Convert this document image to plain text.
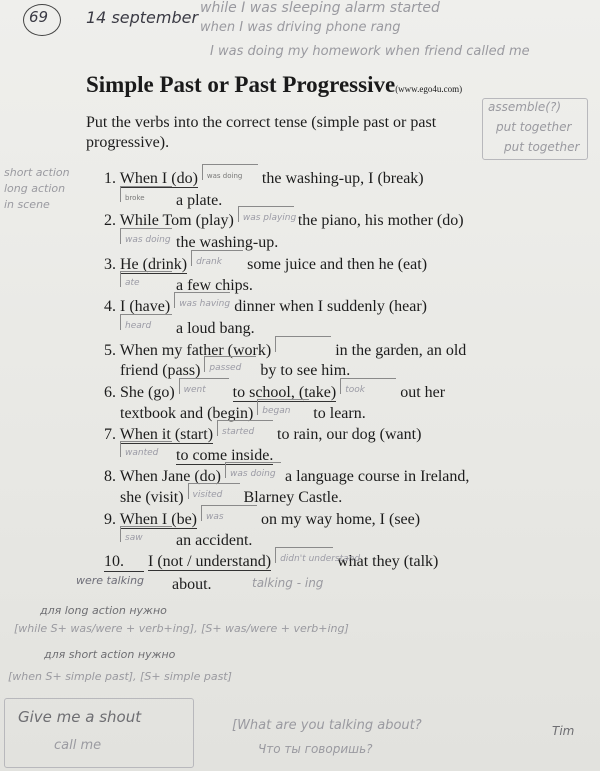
69 14 september while I was sleeping alarm started
when I was driving phone rang
I was doing my homework when friend called me
Simple Past or Past Progressive(www.ego4u.com)
Put the verbs into the correct tense (simple past or past progressive).
assemble(?)
put together
put together
short action
long action
in scene
1. When I (do) was doing the washing-up, I (break)
broke a plate.
2. While Tom (play) was playing the piano, his mother (do)
was doing the washing-up.
3. He (drink) drank some juice and then he (eat)
ate a few chips.
4. I (have) was having dinner when I suddenly (hear)
heard a loud bang.
5. When my father (work)	in the garden, an old
friend (pass) passed by to see him.
6. She (go) went to school, (take) took out her
textbook and (begin) began to learn.
7. When it (start) started to rain, our dog (want)
wanted to come inside.
8. When Jane (do) was doing a language course in Ireland,
she (visit) visited Blarney Castle.
9. When I (be) was on my way home, I (see)
saw an accident.
10. I (not / understand) didn't understand what they (talk)
were talking about.	talking - ing
для long action нужно
[while S+ was/were + verb+ing], [S+ was/were + verb+ing]
для short action нужно
[when S+ simple past], [S+ simple past]
Give me a shout
call me
[What are you talking about?
Что ты говоришь?
Tim
